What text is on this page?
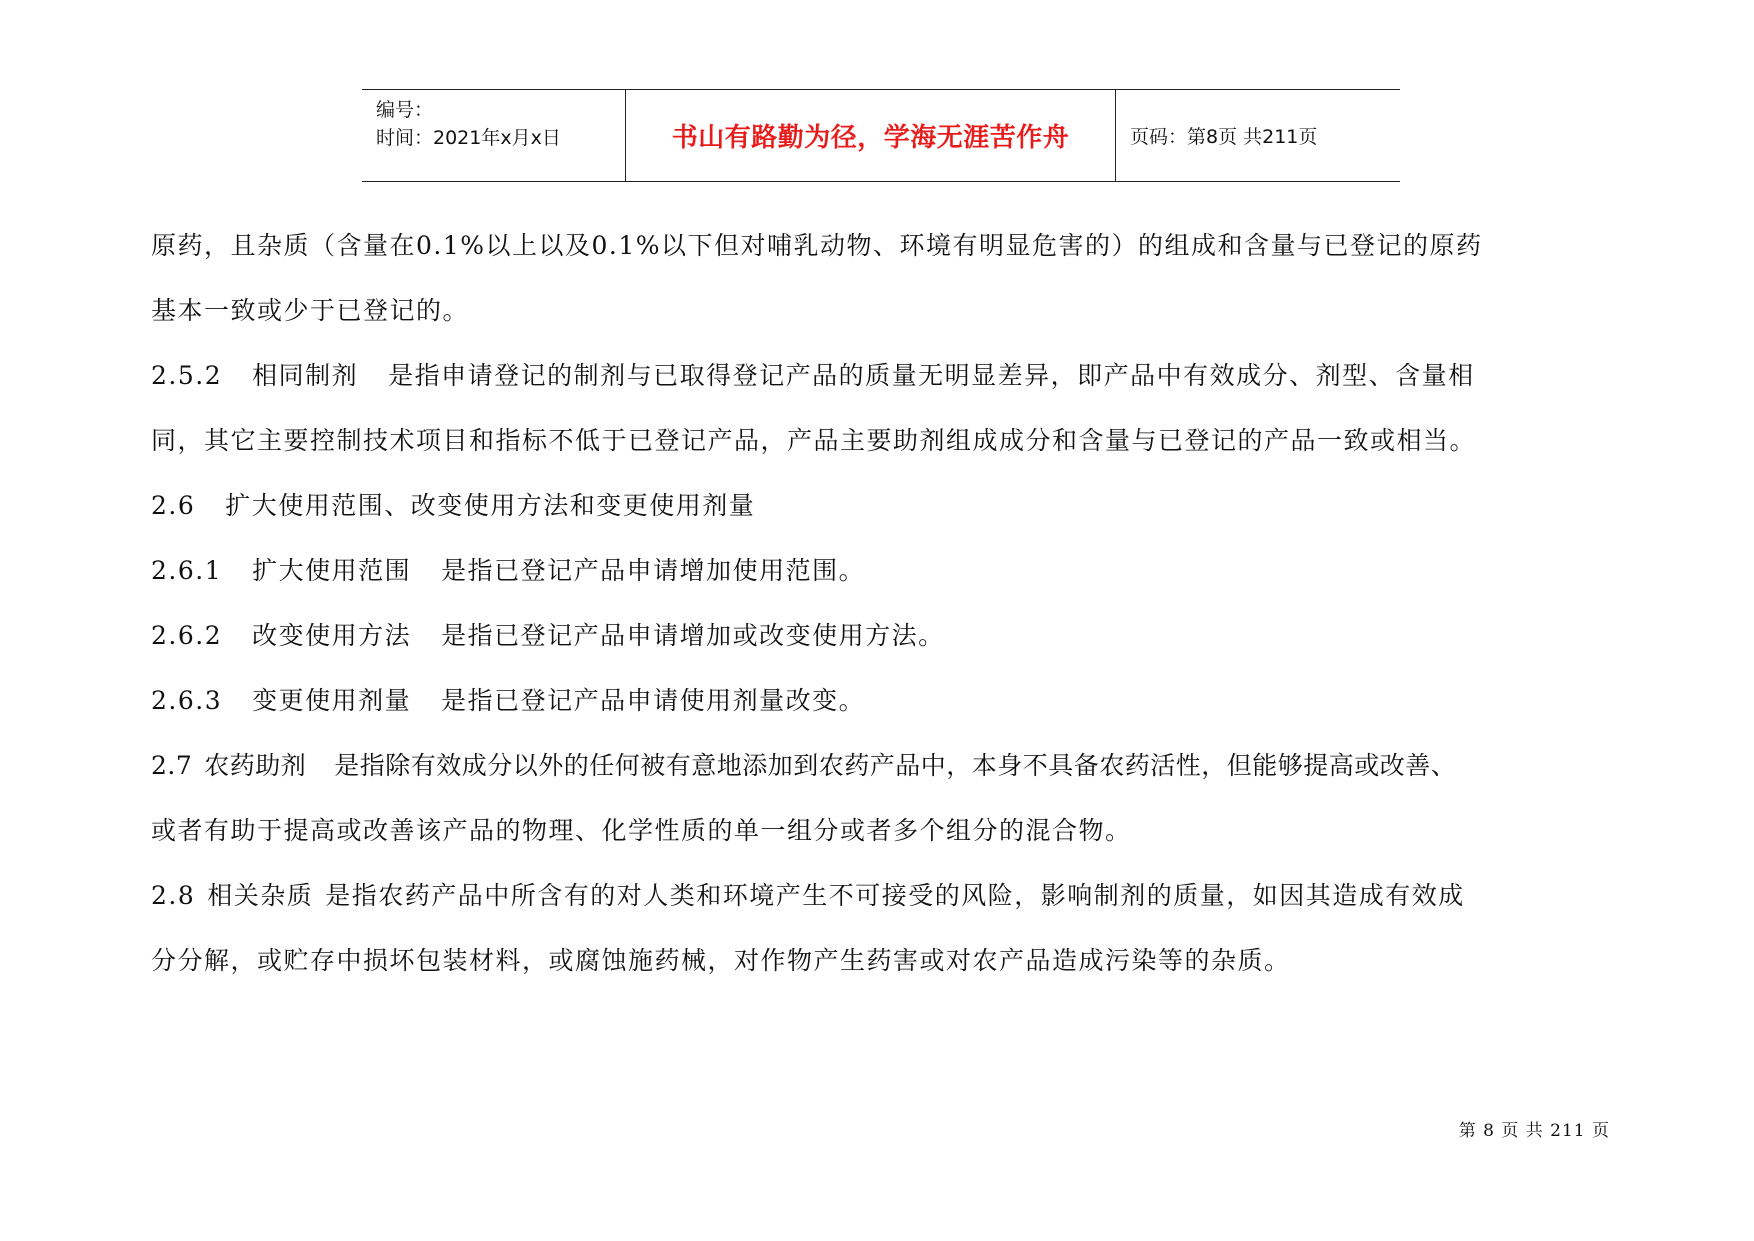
编号：
时间：2021年x月x日	书山有路勤为径，学海无涯苦作舟	页码：第8页 共211页

原药，且杂质（含量在0.1%以上以及0.1%以下但对哺乳动物、环境有明显危害的）的组成和含量与已登记的原药

基本一致或少于已登记的。

2.5.2 相同制剂 是指申请登记的制剂与已取得登记产品的质量无明显差异，即产品中有效成分、剂型、含量相

同，其它主要控制技术项目和指标不低于已登记产品，产品主要助剂组成成分和含量与已登记的产品一致或相当。

2.6 扩大使用范围、改变使用方法和变更使用剂量

2.6.1 扩大使用范围 是指已登记产品申请增加使用范围。

2.6.2 改变使用方法 是指已登记产品申请增加或改变使用方法。

2.6.3 变更使用剂量 是指已登记产品申请使用剂量改变。

2.7 农药助剂 是指除有效成分以外的任何被有意地添加到农药产品中，本身不具备农药活性，但能够提高或改善、

或者有助于提高或改善该产品的物理、化学性质的单一组分或者多个组分的混合物。

2.8 相关杂质 是指农药产品中所含有的对人类和环境产生不可接受的风险，影响制剂的质量，如因其造成有效成

分分解，或贮存中损坏包装材料，或腐蚀施药械，对作物产生药害或对农产品造成污染等的杂质。

第 8 页 共 211 页
